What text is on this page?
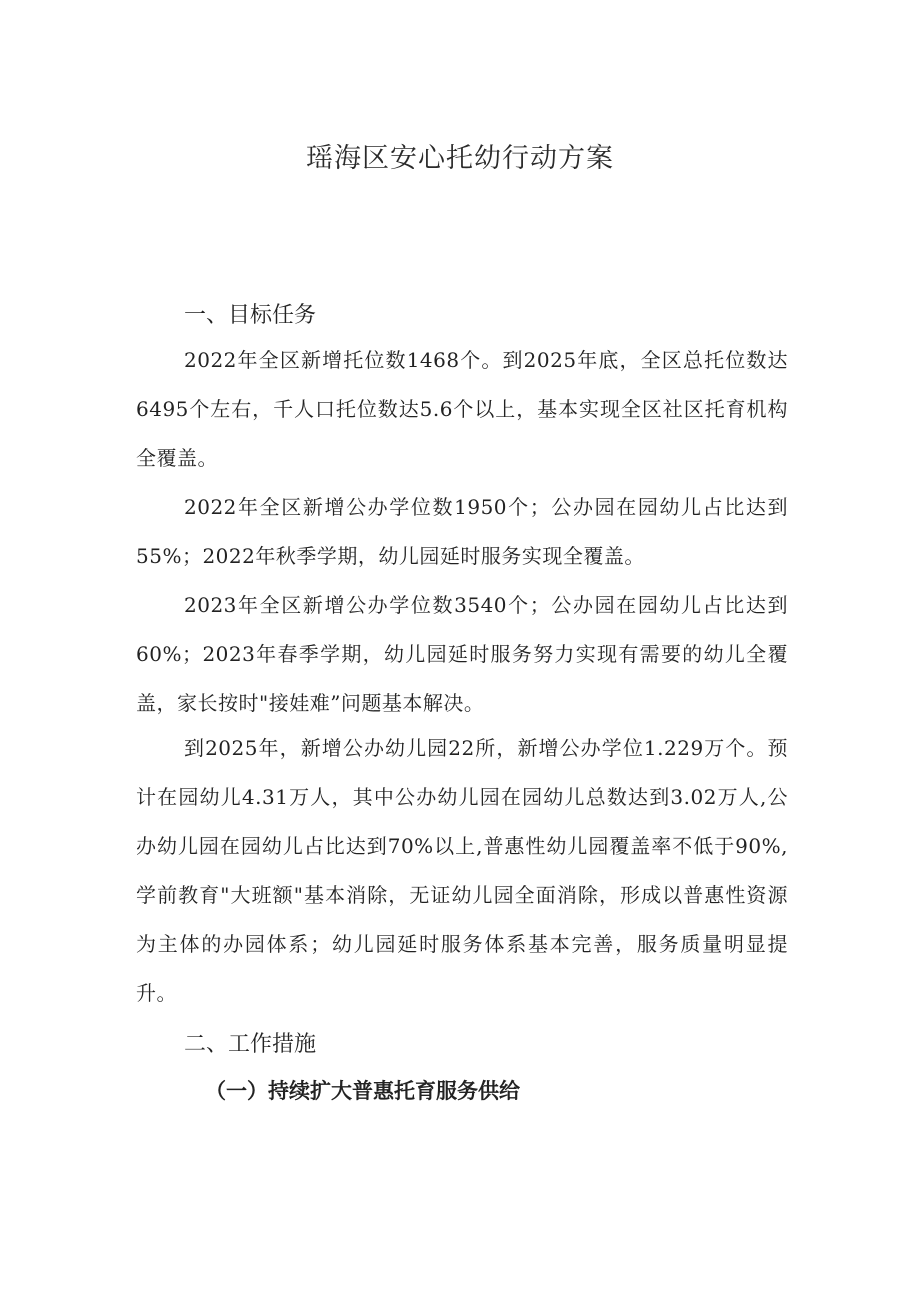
瑶海区安心托幼行动方案
一、目标任务

2022年全区新增托位数1468个。到2025年底，全区总托位数达6495个左右，千人口托位数达5.6个以上，基本实现全区社区托育机构全覆盖。

2022年全区新增公办学位数1950个；公办园在园幼儿占比达到55%；2022年秋季学期，幼儿园延时服务实现全覆盖。

2023年全区新增公办学位数3540个；公办园在园幼儿占比达到60%；2023年春季学期，幼儿园延时服务努力实现有需要的幼儿全覆盖，家长按时"接娃难”问题基本解决。

到2025年，新增公办幼儿园22所，新增公办学位1.229万个。预计在园幼儿4.31万人，其中公办幼儿园在园幼儿总数达到3.02万人,公办幼儿园在园幼儿占比达到70%以上,普惠性幼儿园覆盖率不低于90%,学前教育"大班额"基本消除，无证幼儿园全面消除，形成以普惠性资源为主体的办园体系；幼儿园延时服务体系基本完善，服务质量明显提升。

二、工作措施
（一）持续扩大普惠托育服务供给
